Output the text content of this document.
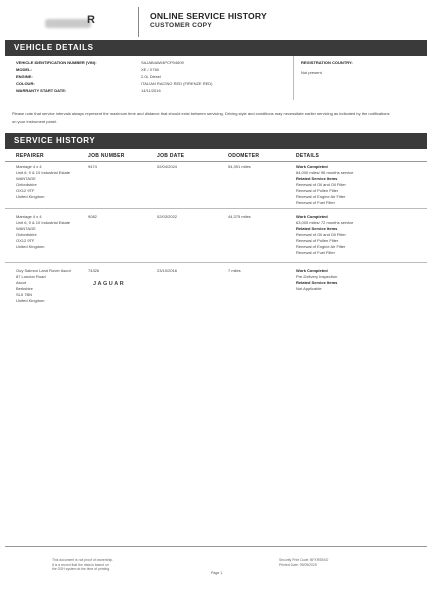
R	ONLINE SERVICE HISTORY
CUSTOMER COPY
VEHICLE DETAILS
VEHICLE IDENTIFICATION NUMBER (VIN):	SAJAB4AW4PCP04609
MODEL:	XE / X760
ENGINE:	2.0L Diesel
COLOUR:	ITALIAN RACING RED (FIRENZE RED)
WARRANTY START DATE:	14/11/2016
REGISTRATION COUNTRY:
Not present
Please note that service intervals always represent the maximum time and distance that should exist between servicing. Driving style and conditions may necessitate earlier servicing as indicated by the notifications
on your instrument panel.
SERVICE HISTORY
REPAIRER	JOB NUMBER	JOB DATE	ODOMETER	DETAILS
Marriage 4 x 4
Unit 6, 9 & 10 Industrial Estate
WANTAGE
Oxfordshire
OX12 9TF
United Kingdom
9474	02/04/2024	54,391 miles	Work Completed
84,000 miles/ 96 months service
Related Service Items
Renewal of Oil and Oil Filter
Renewal of Pollen Filter
Renewal of Engine Air Filter
Renewal of Fuel Filter
Marriage 4 x 4
Unit 6, 9 & 10 Industrial Estate
WANTAGE
Oxfordshire
OX12 9TF
United Kingdom
9082	02/03/2022	44,375 miles	Work Completed
63,000 miles/ 72 months service
Related Service Items
Renewal of Oil and Oil Filter
Renewal of Pollen Filter
Renewal of Engine Air Filter
Renewal of Fuel Filter
Guy Salmon Land Rover Ascot
87 London Road
Ascot
Berkshire
SL5 7BN
United Kingdom
JAGUAR
74326	23/10/2016	7 miles	Work Completed
Pre-Delivery Inspection
Related Service Items
Not Applicable
This document is not proof of ownership.
It is a record that the data is based on
the DSH system at the time of printing.
Security Print Code: BFXRSBXD
Printed Date: 09/09/2025
Page 1
